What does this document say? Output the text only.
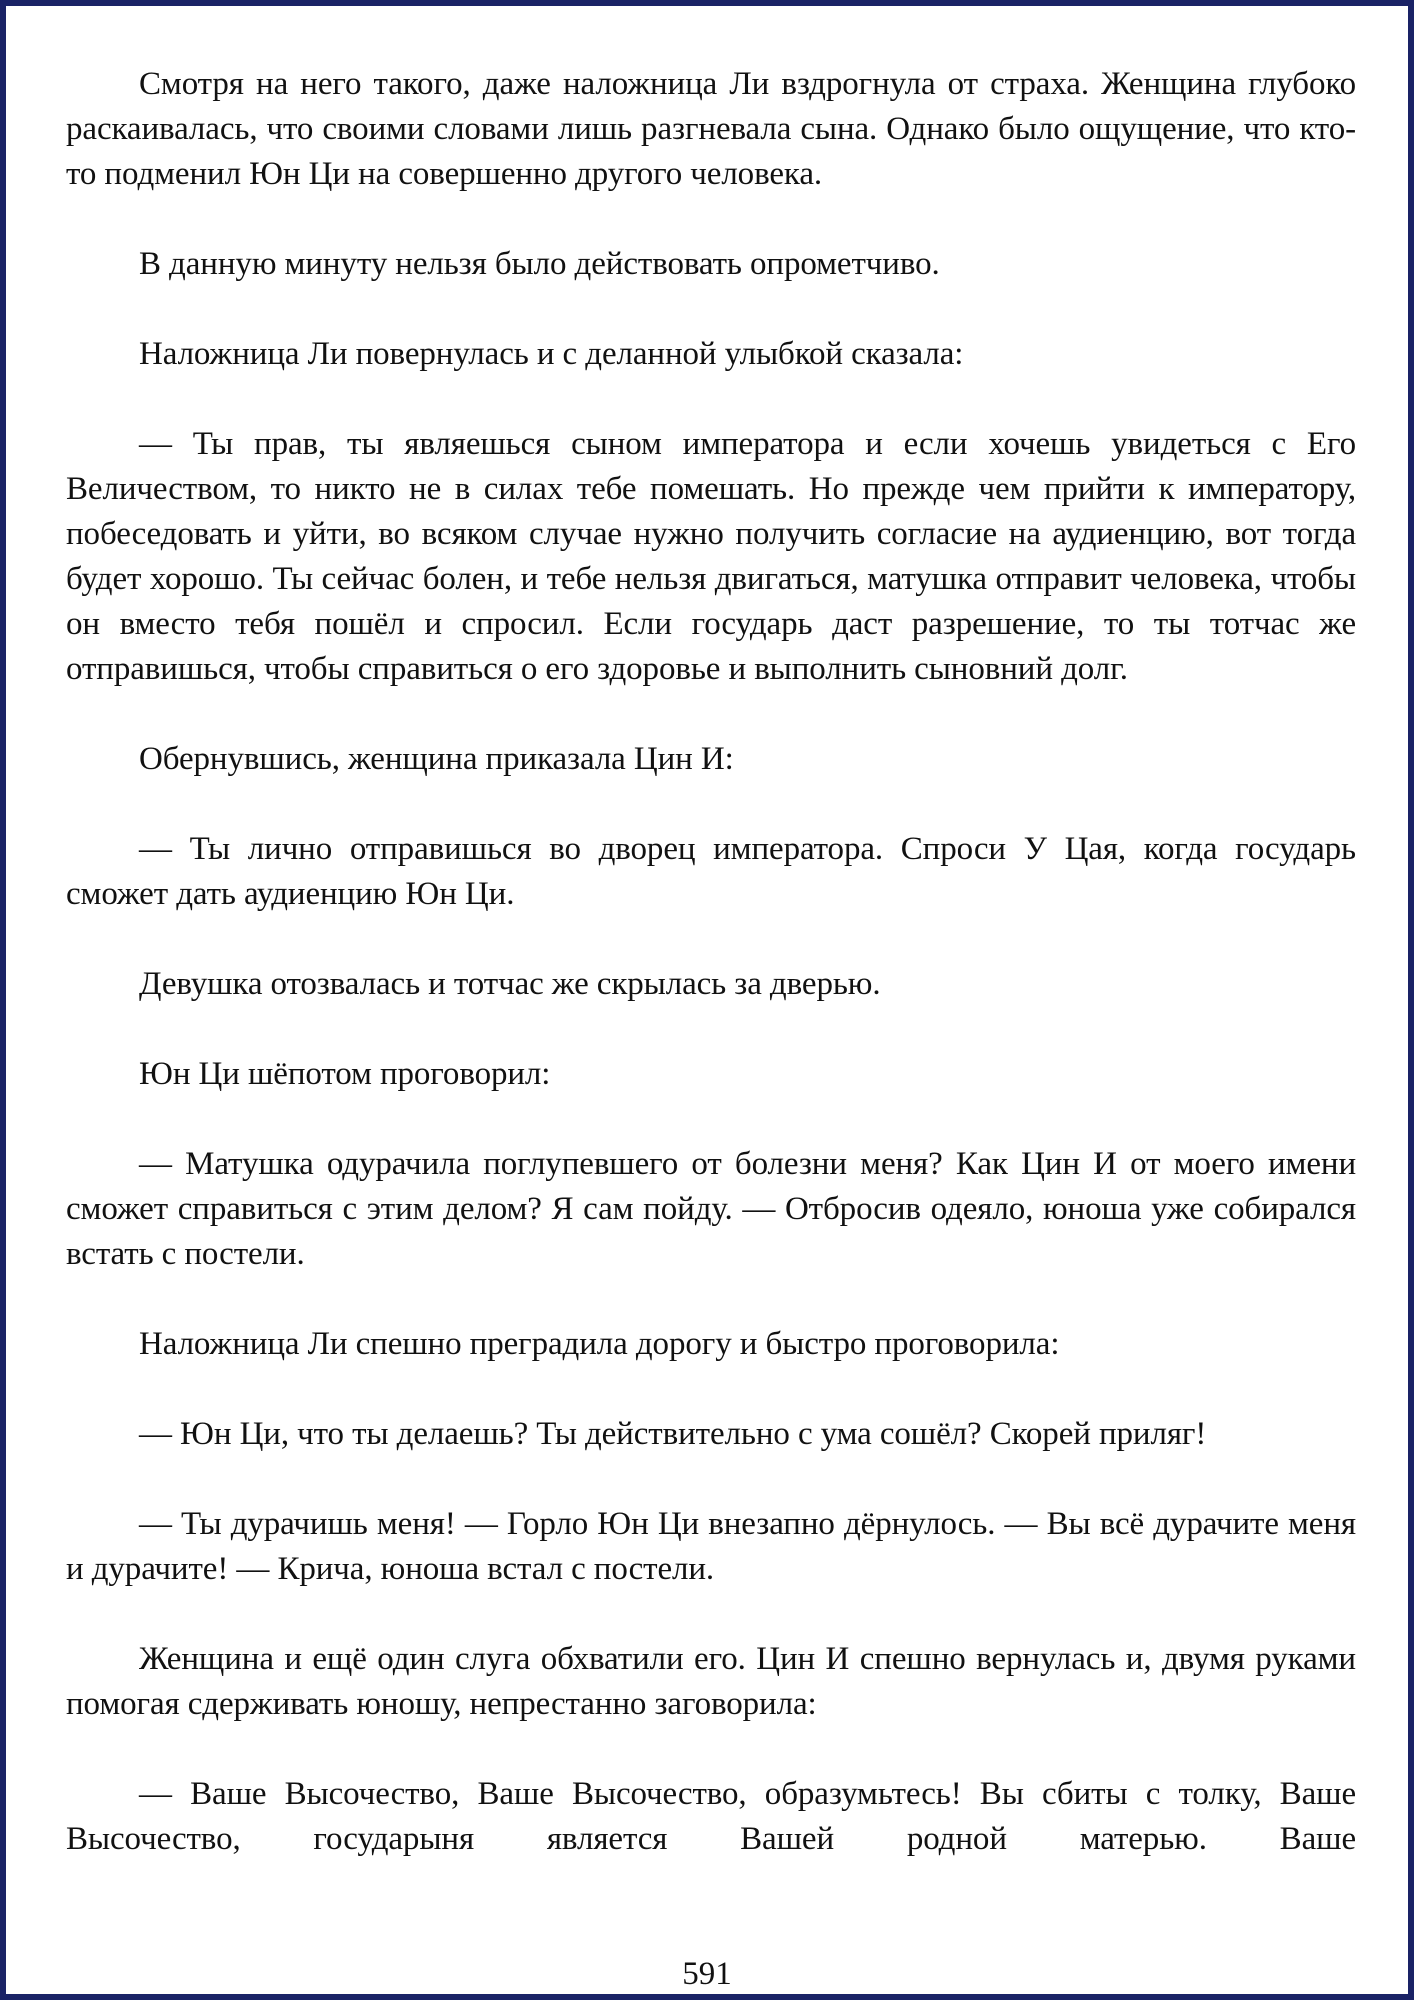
Смотря на него такого, даже наложница Ли вздрогнула от страха. Женщина глубоко раскаивалась, что своими словами лишь разгневала сына. Однако было ощущение, что кто-то подменил Юн Ци на совершенно другого человека.

В данную минуту нельзя было действовать опрометчиво.

Наложница Ли повернулась и с деланной улыбкой сказала:

— Ты прав, ты являешься сыном императора и если хочешь увидеться с Его Величеством, то никто не в силах тебе помешать. Но прежде чем прийти к императору, побеседовать и уйти, во всяком случае нужно получить согласие на аудиенцию, вот тогда будет хорошо. Ты сейчас болен, и тебе нельзя двигаться, матушка отправит человека, чтобы он вместо тебя пошёл и спросил. Если государь даст разрешение, то ты тотчас же отправишься, чтобы справиться о его здоровье и выполнить сыновний долг.

Обернувшись, женщина приказала Цин И:

— Ты лично отправишься во дворец императора. Спроси У Цая, когда государь сможет дать аудиенцию Юн Ци.

Девушка отозвалась и тотчас же скрылась за дверью.

Юн Ци шёпотом проговорил:

— Матушка одурачила поглупевшего от болезни меня? Как Цин И от моего имени сможет справиться с этим делом? Я сам пойду. — Отбросив одеяло, юноша уже собирался встать с постели.

Наложница Ли спешно преградила дорогу и быстро проговорила:

— Юн Ци, что ты делаешь? Ты действительно с ума сошёл? Скорей приляг!

— Ты дурачишь меня! — Горло Юн Ци внезапно дёрнулось. — Вы всё дурачите меня и дурачите! — Крича, юноша встал с постели.

Женщина и ещё один слуга обхватили его. Цин И спешно вернулась и, двумя руками помогая сдерживать юношу, непрестанно заговорила:

— Ваше Высочество, Ваше Высочество, образумьтесь! Вы сбиты с толку, Ваше Высочество, государыня является Вашей родной матерью. Ваше

591
